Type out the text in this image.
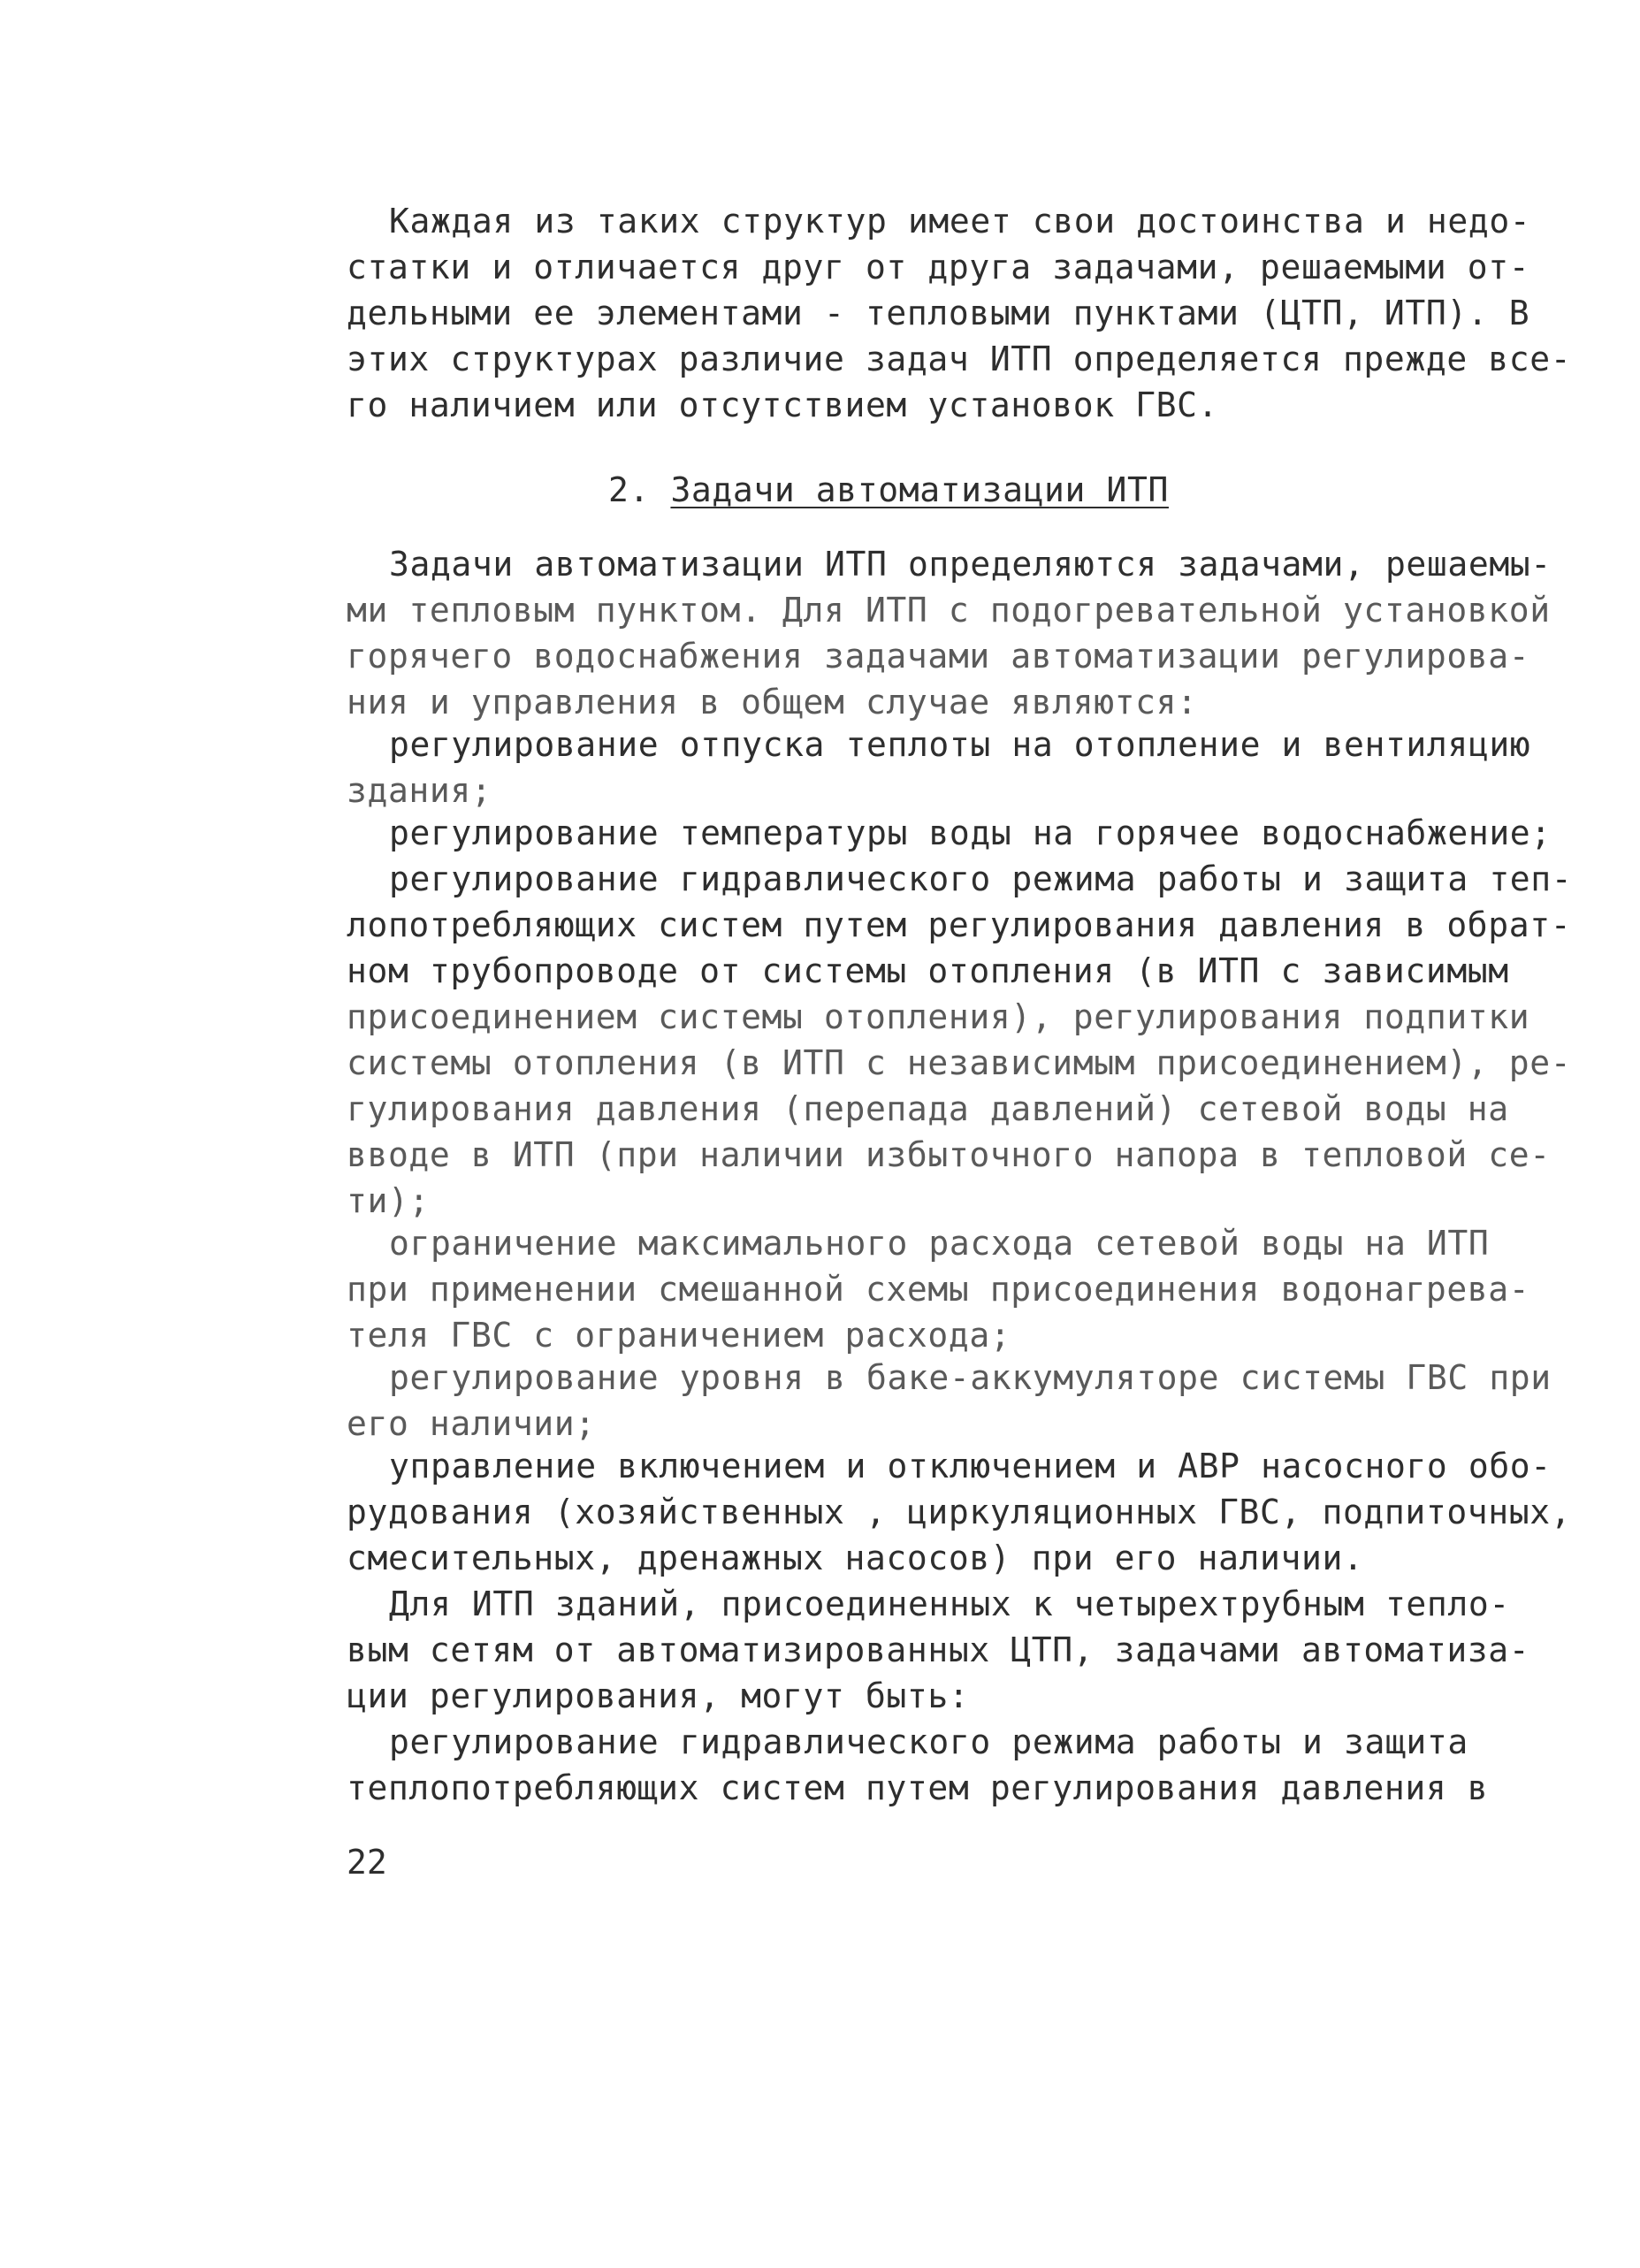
Каждая из таких структур имеет свои достоинства и недо-
статки и отличается друг от друга задачами, решаемыми от-
дельными ее элементами - тепловыми пунктами (ЦТП, ИТП). В
этих структурах различие задач ИТП определяется прежде все-
го наличием или отсутствием установок ГВС.
2. Задачи автоматизации ИТП
Задачи автоматизации ИТП определяются задачами, решаемы-
ми тепловым пунктом. Для ИТП с подогревательной установкой
горячего водоснабжения задачами автоматизации регулирова-
ния и управления в общем случае являются:
регулирование отпуска теплоты на отопление и вентиляцию
здания;
регулирование температуры воды на горячее водоснабжение;
регулирование гидравлического режима работы и защита теп-
лопотребляющих систем путем регулирования давления в обрат-
ном трубопроводе от системы отопления (в ИТП с зависимым
присоединением системы отопления), регулирования подпитки
системы отопления (в ИТП с независимым присоединением), ре-
гулирования давления (перепада давлений) сетевой воды на
вводе в ИТП (при наличии избыточного напора в тепловой се-
ти);
ограничение максимального расхода сетевой воды на ИТП
при применении смешанной схемы присоединения водонагрева-
теля ГВС с ограничением расхода;
регулирование уровня в баке-аккумуляторе системы ГВС при
его наличии;
управление включением и отключением и АВР насосного обо-
рудования (хозяйственных , циркуляционных ГВС, подпиточных,
смесительных, дренажных насосов) при его наличии.
Для ИТП зданий, присоединенных к четырехтрубным тепло-
вым сетям от автоматизированных ЦТП, задачами автоматиза-
ции регулирования, могут быть:
регулирование гидравлического режима работы и защита
теплопотребляющих систем путем регулирования давления в
22
